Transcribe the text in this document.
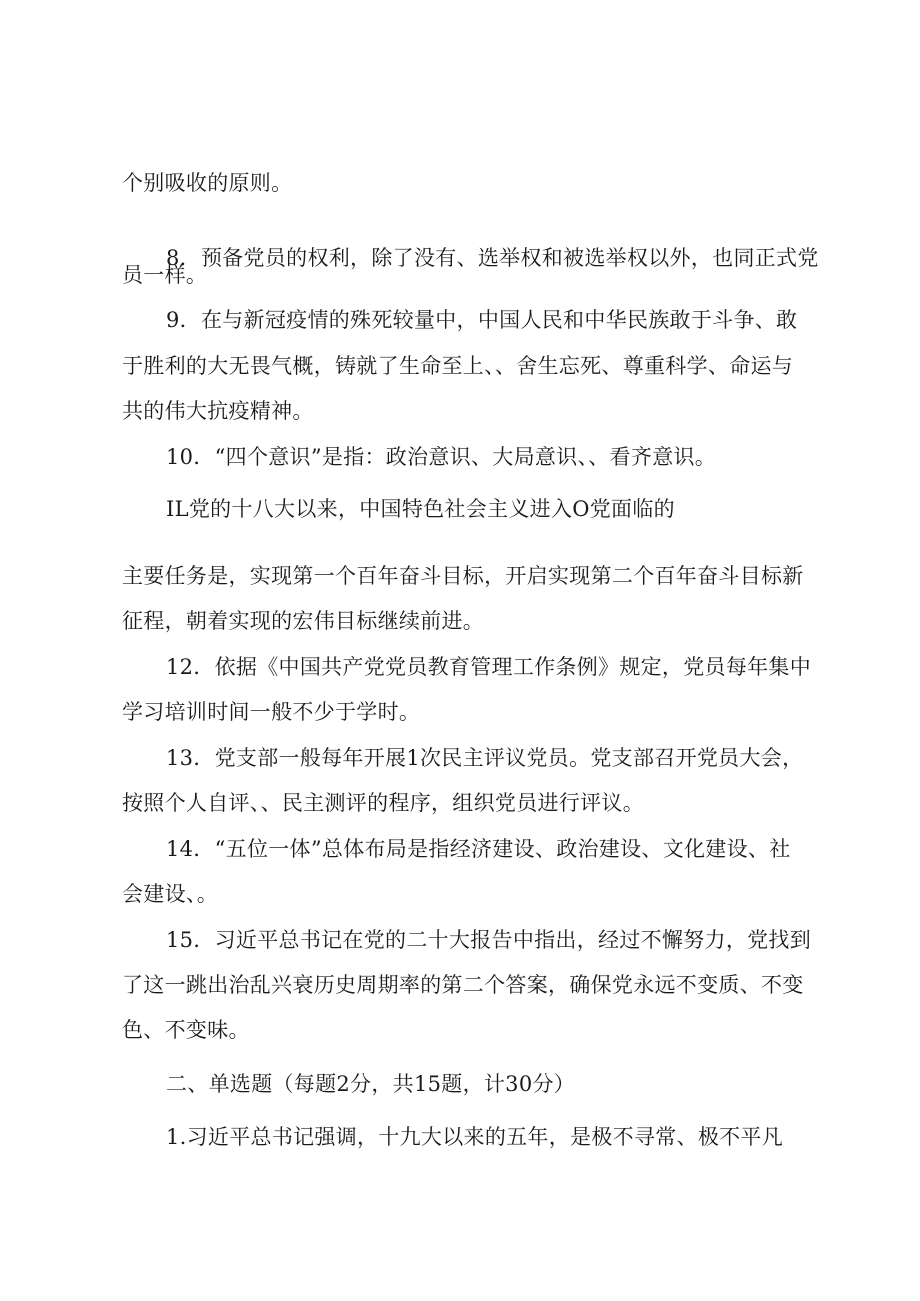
个别吸收的原则。
8．预备党员的权利，除了没有、选举权和被选举权以外，也同正式党
员一样。
9．在与新冠疫情的殊死较量中，中国人民和中华民族敢于斗争、敢
于胜利的大无畏气概，铸就了生命至上、、舍生忘死、尊重科学、命运与
共的伟大抗疫精神。
10．“四个意识”是指：政治意识、大局意识、、看齐意识。
IL党的十八大以来，中国特色社会主义进入O党面临的
主要任务是，实现第一个百年奋斗目标，开启实现第二个百年奋斗目标新
征程，朝着实现的宏伟目标继续前进。
12．依据《中国共产党党员教育管理工作条例》规定，党员每年集中
学习培训时间一般不少于学时。
13．党支部一般每年开展1次民主评议党员。党支部召开党员大会，
按照个人自评、、民主测评的程序，组织党员进行评议。
14．“五位一体”总体布局是指经济建设、政治建设、文化建设、社
会建设、。
15．习近平总书记在党的二十大报告中指出，经过不懈努力，党找到
了这一跳出治乱兴衰历史周期率的第二个答案，确保党永远不变质、不变
色、不变味。
二、单选题（每题2分，共15题，计30分）
1.习近平总书记强调，十九大以来的五年，是极不寻常、极不平凡
